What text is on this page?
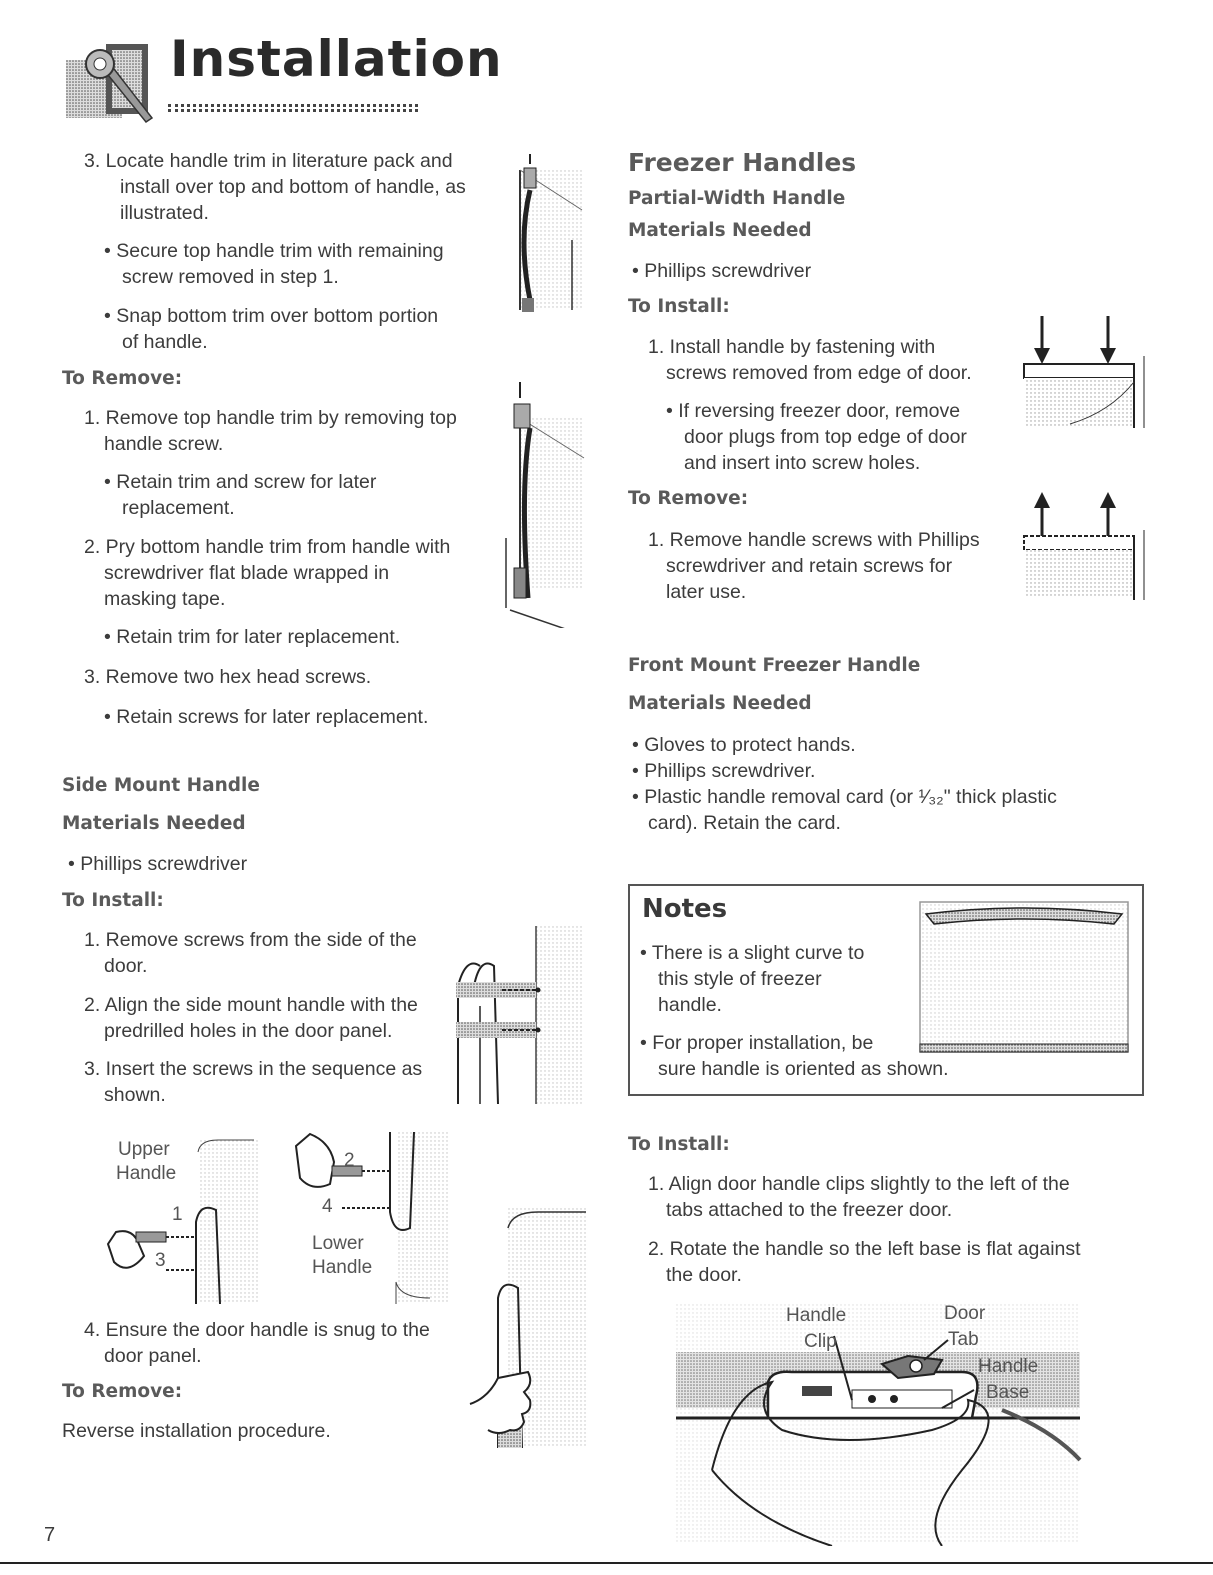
Installation
3. Locate handle trim in literature pack and
install over top and bottom of handle, as
illustrated.
• Secure top handle trim with remaining
screw removed in step 1.
• Snap bottom trim over bottom portion
of handle.
To Remove:
1. Remove top handle trim by removing top
handle screw.
• Retain trim and screw for later
replacement.
2. Pry bottom handle trim from handle with
screwdriver flat blade wrapped in
masking tape.
• Retain trim for later replacement.
3. Remove two hex head screws.
• Retain screws for later replacement.
Side Mount Handle
Materials Needed
• Phillips screwdriver
To Install:
1. Remove screws from the side of the
door.
2. Align the side mount handle with the
predrilled holes in the door panel.
3. Insert the screws in the sequence as
shown.
Upper
Handle
1
3
2
4
Lower
Handle
4. Ensure the door handle is snug to the
door panel.
To Remove:
Reverse installation procedure.
7
Freezer Handles
Partial-Width Handle
Materials Needed
• Phillips screwdriver
To Install:
1. Install handle by fastening with
screws removed from edge of door.
• If reversing freezer door, remove
door plugs from top edge of door
and insert into screw holes.
To Remove:
1. Remove handle screws with Phillips
screwdriver and retain screws for
later use.
Front Mount Freezer Handle
Materials Needed
• Gloves to protect hands.
• Phillips screwdriver.
• Plastic handle removal card (or ¹⁄₃₂" thick plastic
card). Retain the card.
Notes
• There is a slight curve to
this style of freezer
handle.
• For proper installation, be
sure handle is oriented as shown.
To Install:
1. Align door handle clips slightly to the left of the
tabs attached to the freezer door.
2. Rotate the handle so the left base is flat against
the door.
Handle
Clip
Door
Tab
Handle
Base
